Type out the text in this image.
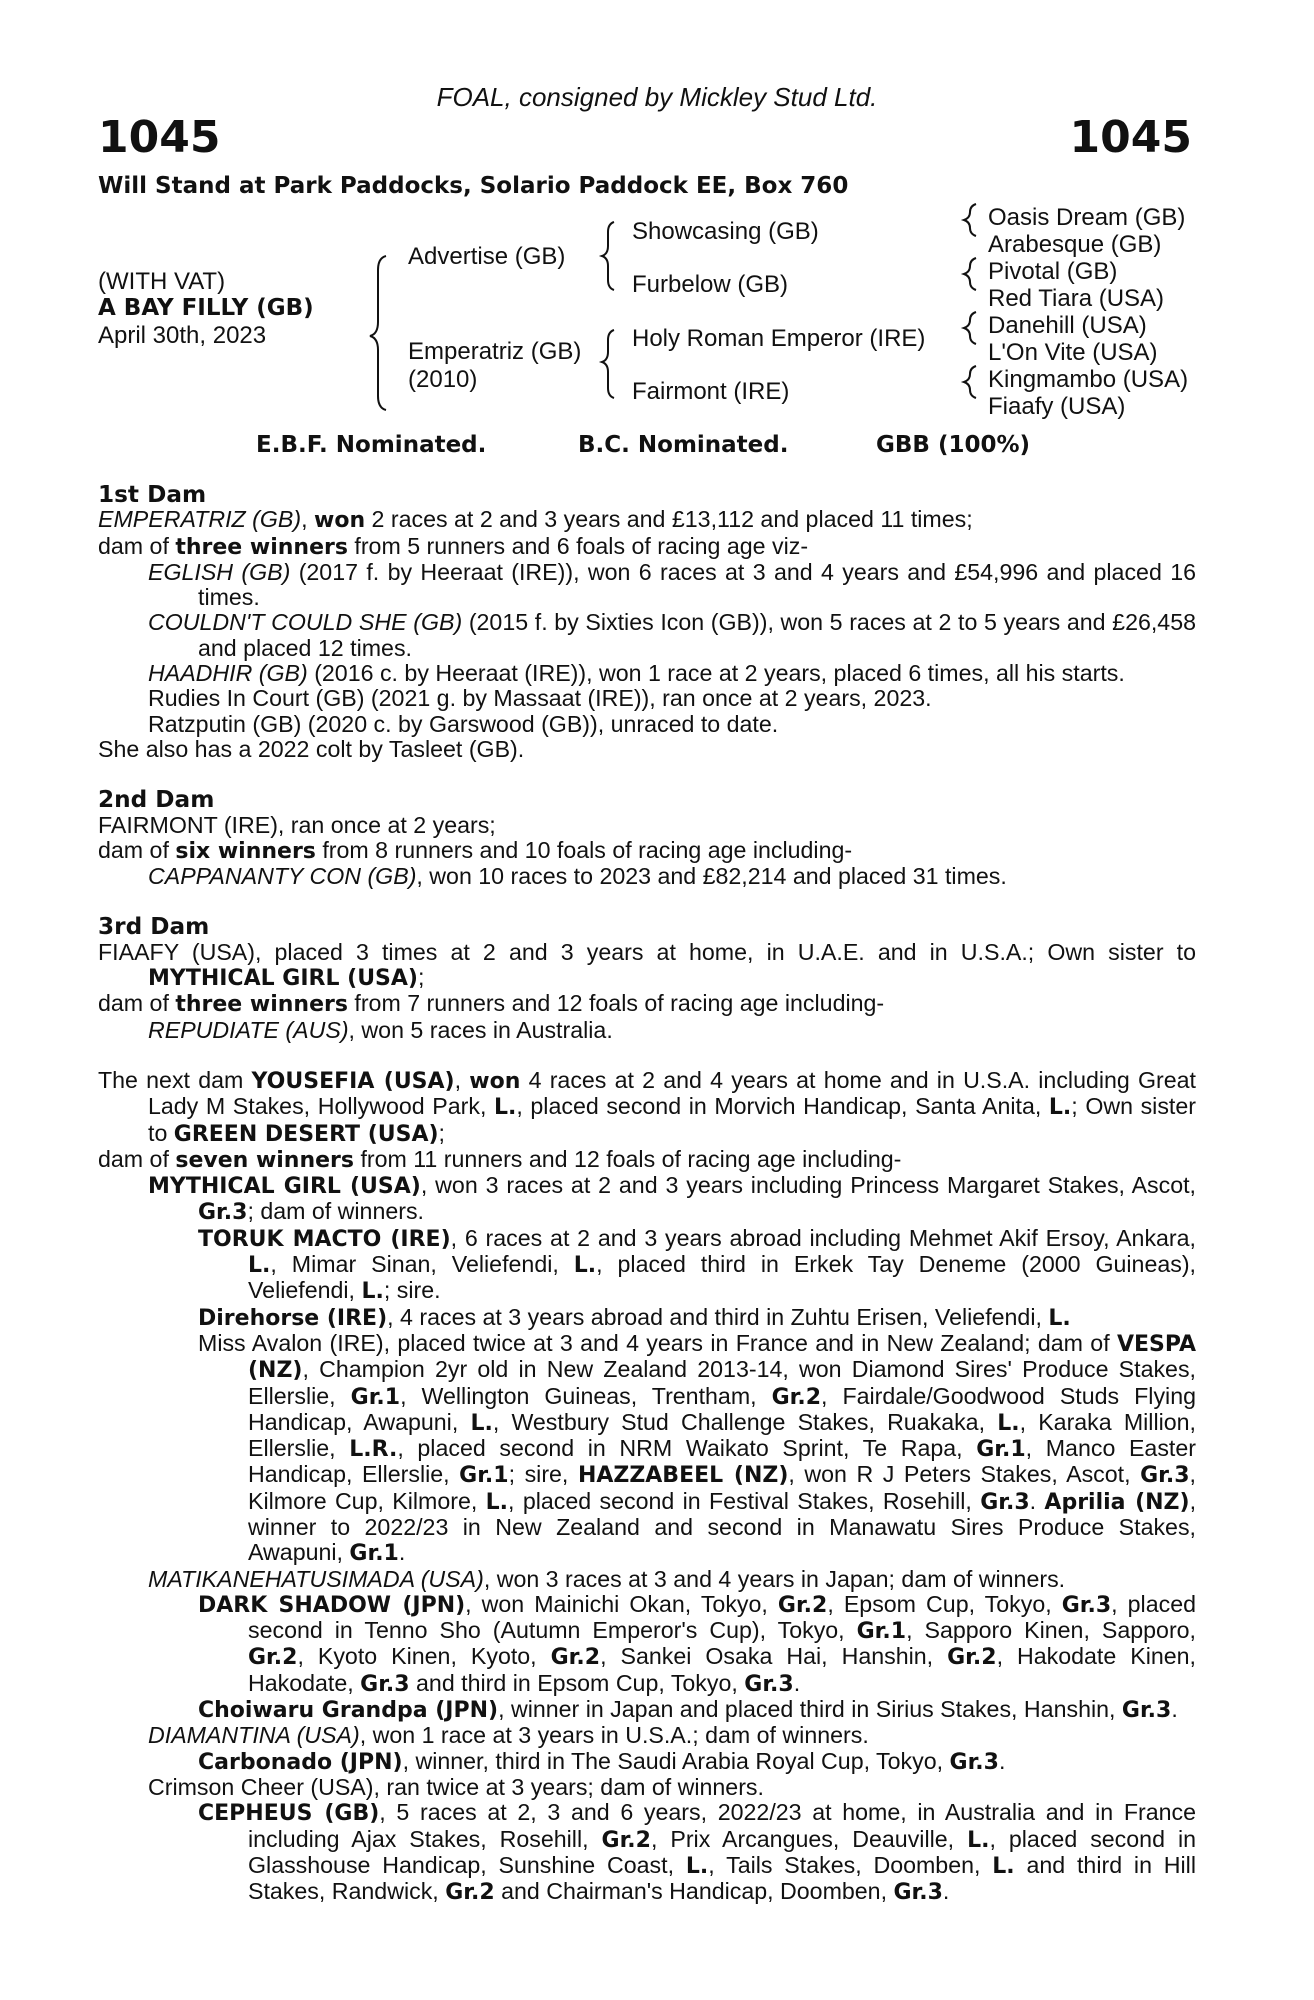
FOAL, consigned by Mickley Stud Ltd.
1045	1045
Will Stand at Park Paddocks, Solario Paddock EE, Box 760
(WITH VAT)
A BAY FILLY (GB)
April 30th, 2023
Advertise (GB)
Emperatriz (GB)
(2010)
Showcasing (GB)
Furbelow (GB)
Holy Roman Emperor (IRE)
Fairmont (IRE)
Oasis Dream (GB)
Arabesque (GB)
Pivotal (GB)
Red Tiara (USA)
Danehill (USA)
L'On Vite (USA)
Kingmambo (USA)
Fiaafy (USA)
E.B.F. Nominated.	B.C. Nominated.	GBB (100%)

1st Dam

EMPERATRIZ (GB), won 2 races at 2 and 3 years and £13,112 and placed 11 times;

dam of three winners from 5 runners and 6 foals of racing age viz-

EGLISH (GB) (2017 f. by Heeraat (IRE)), won 6 races at 3 and 4 years and £54,996 and placed 16 times.

COULDN'T COULD SHE (GB) (2015 f. by Sixties Icon (GB)), won 5 races at 2 to 5 years and £26,458 and placed 12 times.

HAADHIR (GB) (2016 c. by Heeraat (IRE)), won 1 race at 2 years, placed 6 times, all his starts.

Rudies In Court (GB) (2021 g. by Massaat (IRE)), ran once at 2 years, 2023.

Ratzputin (GB) (2020 c. by Garswood (GB)), unraced to date.

She also has a 2022 colt by Tasleet (GB).

2nd Dam

FAIRMONT (IRE), ran once at 2 years;

dam of six winners from 8 runners and 10 foals of racing age including-

CAPPANANTY CON (GB), won 10 races to 2023 and £82,214 and placed 31 times.

3rd Dam

FIAAFY (USA), placed 3 times at 2 and 3 years at home, in U.A.E. and in U.S.A.; Own sister to MYTHICAL GIRL (USA);

dam of three winners from 7 runners and 12 foals of racing age including-

REPUDIATE (AUS), won 5 races in Australia.

The next dam YOUSEFIA (USA), won 4 races at 2 and 4 years at home and in U.S.A. including Great Lady M Stakes, Hollywood Park, L., placed second in Morvich Handicap, Santa Anita, L.; Own sister to GREEN DESERT (USA);

dam of seven winners from 11 runners and 12 foals of racing age including-

MYTHICAL GIRL (USA), won 3 races at 2 and 3 years including Princess Margaret Stakes, Ascot, Gr.3; dam of winners.

TORUK MACTO (IRE), 6 races at 2 and 3 years abroad including Mehmet Akif Ersoy, Ankara, L., Mimar Sinan, Veliefendi, L., placed third in Erkek Tay Deneme (2000 Guineas), Veliefendi, L.; sire.

Direhorse (IRE), 4 races at 3 years abroad and third in Zuhtu Erisen, Veliefendi, L.

Miss Avalon (IRE), placed twice at 3 and 4 years in France and in New Zealand; dam of VESPA (NZ), Champion 2yr old in New Zealand 2013-14, won Diamond Sires' Produce Stakes, Ellerslie, Gr.1, Wellington Guineas, Trentham, Gr.2, Fairdale/Goodwood Studs Flying Handicap, Awapuni, L., Westbury Stud Challenge Stakes, Ruakaka, L., Karaka Million, Ellerslie, L.R., placed second in NRM Waikato Sprint, Te Rapa, Gr.1, Manco Easter Handicap, Ellerslie, Gr.1; sire, HAZZABEEL (NZ), won R J Peters Stakes, Ascot, Gr.3, Kilmore Cup, Kilmore, L., placed second in Festival Stakes, Rosehill, Gr.3. Aprilia (NZ), winner to 2022/23 in New Zealand and second in Manawatu Sires Produce Stakes, Awapuni, Gr.1.

MATIKANEHATUSIMADA (USA), won 3 races at 3 and 4 years in Japan; dam of winners.

DARK SHADOW (JPN), won Mainichi Okan, Tokyo, Gr.2, Epsom Cup, Tokyo, Gr.3, placed second in Tenno Sho (Autumn Emperor's Cup), Tokyo, Gr.1, Sapporo Kinen, Sapporo, Gr.2, Kyoto Kinen, Kyoto, Gr.2, Sankei Osaka Hai, Hanshin, Gr.2, Hakodate Kinen, Hakodate, Gr.3 and third in Epsom Cup, Tokyo, Gr.3.

Choiwaru Grandpa (JPN), winner in Japan and placed third in Sirius Stakes, Hanshin, Gr.3.

DIAMANTINA (USA), won 1 race at 3 years in U.S.A.; dam of winners.

Carbonado (JPN), winner, third in The Saudi Arabia Royal Cup, Tokyo, Gr.3.

Crimson Cheer (USA), ran twice at 3 years; dam of winners.

CEPHEUS (GB), 5 races at 2, 3 and 6 years, 2022/23 at home, in Australia and in France including Ajax Stakes, Rosehill, Gr.2, Prix Arcangues, Deauville, L., placed second in Glasshouse Handicap, Sunshine Coast, L., Tails Stakes, Doomben, L. and third in Hill Stakes, Randwick, Gr.2 and Chairman's Handicap, Doomben, Gr.3.
